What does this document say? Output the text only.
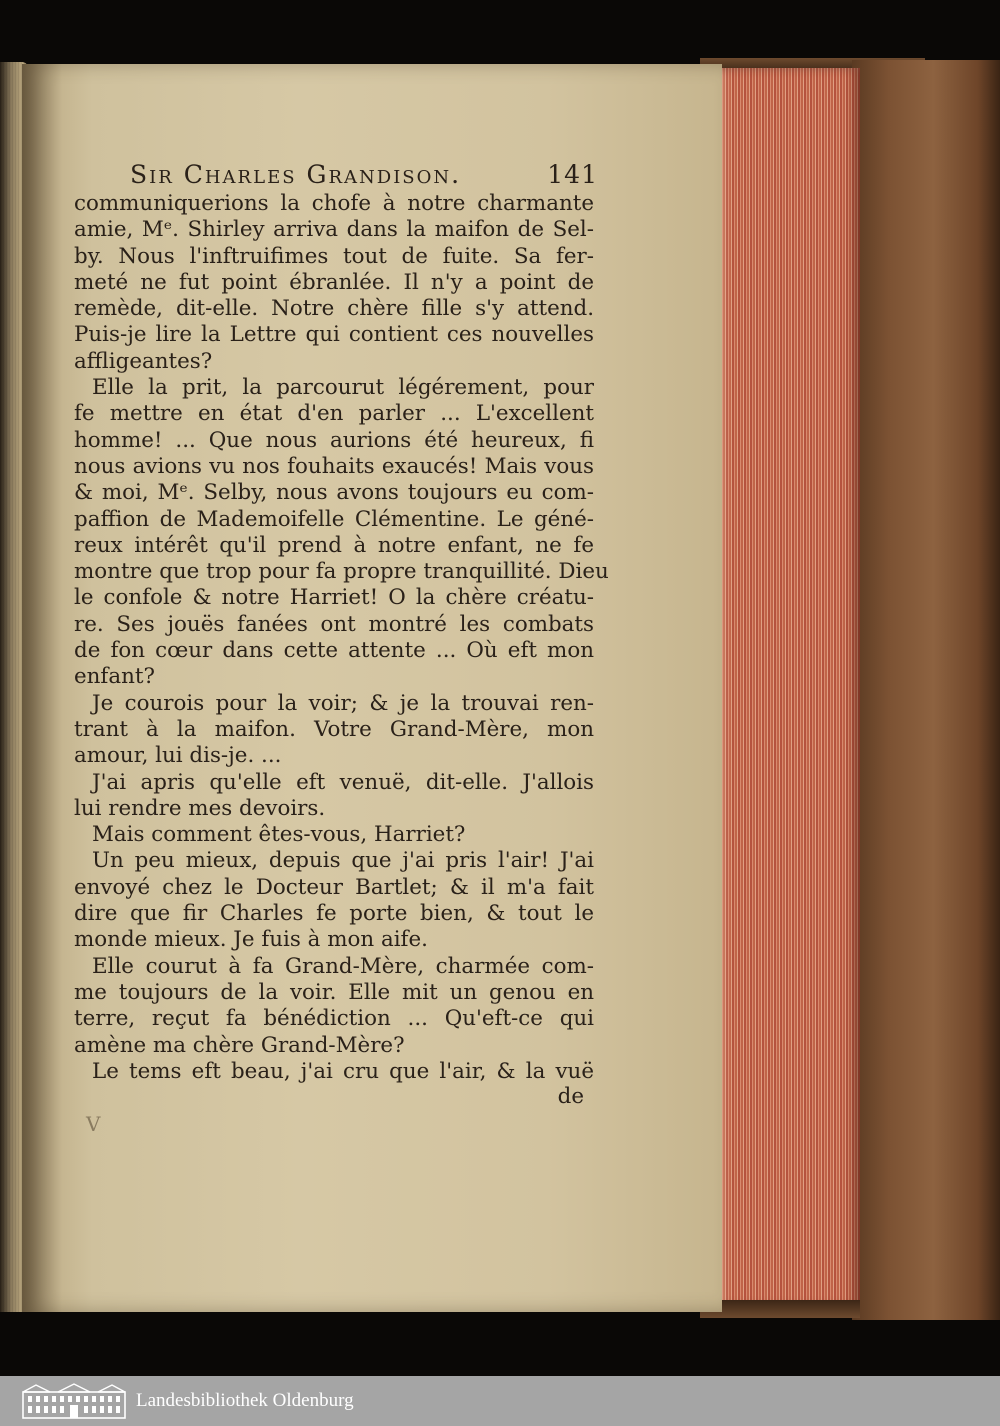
Sir Charles Grandison.	141
communiquerions la chofe à notre charmante
amie, Mᵉ. Shirley arriva dans la maifon de Sel-
by. Nous l'inftruifimes tout de fuite. Sa fer-
meté ne fut point ébranlée. Il n'y a point de
remède, dit-elle. Notre chère fille s'y attend.
Puis-je lire la Lettre qui contient ces nouvelles
affligeantes?
Elle la prit, la parcourut légérement, pour
fe mettre en état d'en parler ... L'excellent
homme! ... Que nous aurions été heureux, fi
nous avions vu nos fouhaits exaucés! Mais vous
& moi, Mᵉ. Selby, nous avons toujours eu com-
paffion de Mademoifelle Clémentine. Le géné-
reux intérêt qu'il prend à notre enfant, ne fe
montre que trop pour fa propre tranquillité. Dieu
le confole & notre Harriet! O la chère créatu-
re. Ses jouës fanées ont montré les combats
de fon cœur dans cette attente ... Où eft mon
enfant?
Je courois pour la voir; & je la trouvai ren-
trant à la maifon. Votre Grand-Mère, mon
amour, lui dis-je. ...
J'ai apris qu'elle eft venuë, dit-elle. J'allois
lui rendre mes devoirs.
Mais comment êtes-vous, Harriet?
Un peu mieux, depuis que j'ai pris l'air! J'ai
envoyé chez le Docteur Bartlet; & il m'a fait
dire que fir Charles fe porte bien, & tout le
monde mieux. Je fuis à mon aife.
Elle courut à fa Grand-Mère, charmée com-
me toujours de la voir. Elle mit un genou en
terre, reçut fa bénédiction ... Qu'eft-ce qui
amène ma chère Grand-Mère?
Le tems eft beau, j'ai cru que l'air, & la vuë
de
V
Landesbibliothek Oldenburg
